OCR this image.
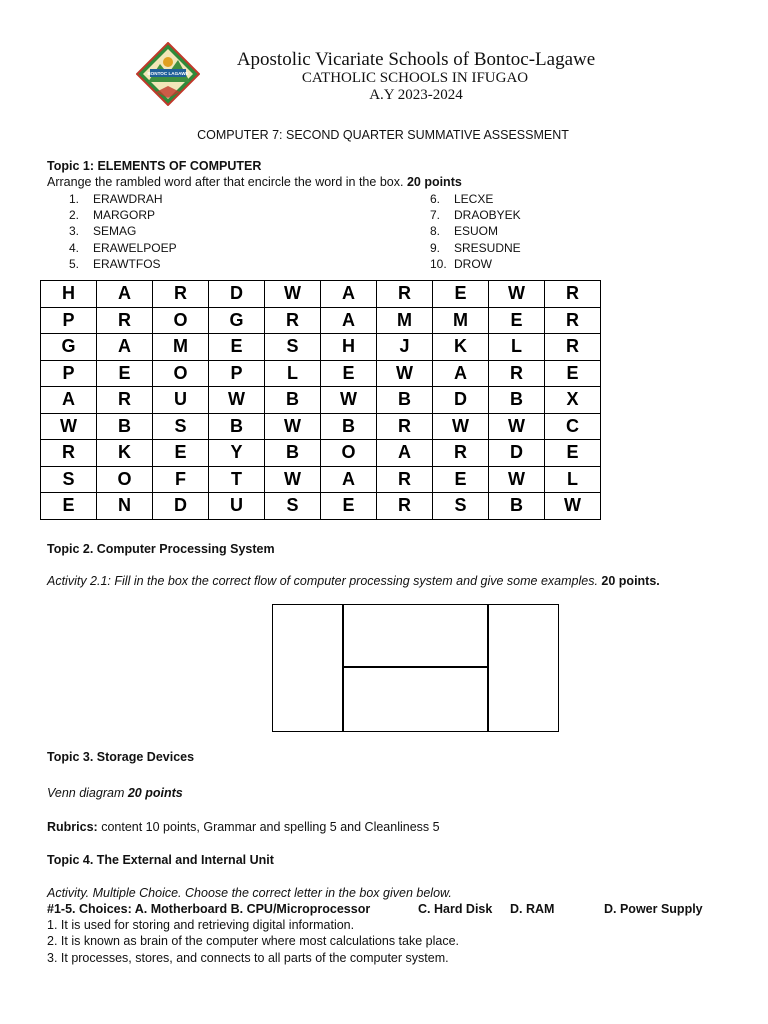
BONTOC LAGAWE
Apostolic Vicariate Schools of Bontoc-Lagawe
CATHOLIC SCHOOLS IN IFUGAO
A.Y 2023-2024
COMPUTER 7: SECOND QUARTER SUMMATIVE ASSESSMENT
Topic 1: ELEMENTS OF COMPUTER
Arrange the rambled word after that encircle the word in the box. 20 points
1. ERAWDRAH
2. MARGORP
3. SEMAG
4. ERAWELPOEP
5. ERAWTFOS
6. LECXE
7. DRAOBYEK
8. ESUOM
9. SRESUDNE
10. DROW
H	A	R	D	W	A	R	E	W	R
P	R	O	G	R	A	M	M	E	R
G	A	M	E	S	H	J	K	L	R
P	E	O	P	L	E	W	A	R	E
A	R	U	W	B	W	B	D	B	X
W	B	S	B	W	B	R	W	W	C
R	K	E	Y	B	O	A	R	D	E
S	O	F	T	W	A	R	E	W	L
E	N	D	U	S	E	R	S	B	W
Topic 2. Computer Processing System
Activity 2.1: Fill in the box the correct flow of computer processing system and give some examples. 20 points.
Topic 3. Storage Devices
Venn diagram 20 points
Rubrics: content 10 points, Grammar and spelling 5 and Cleanliness 5
Topic 4. The External and Internal Unit
Activity. Multiple Choice. Choose the correct letter in the box given below.
#1-5. Choices: A. Motherboard B. CPU/Microprocessor	C. Hard Disk D. RAM	D. Power Supply
1. It is used for storing and retrieving digital information.
2. It is known as brain of the computer where most calculations take place.
3. It processes, stores, and connects to all parts of the computer system.
